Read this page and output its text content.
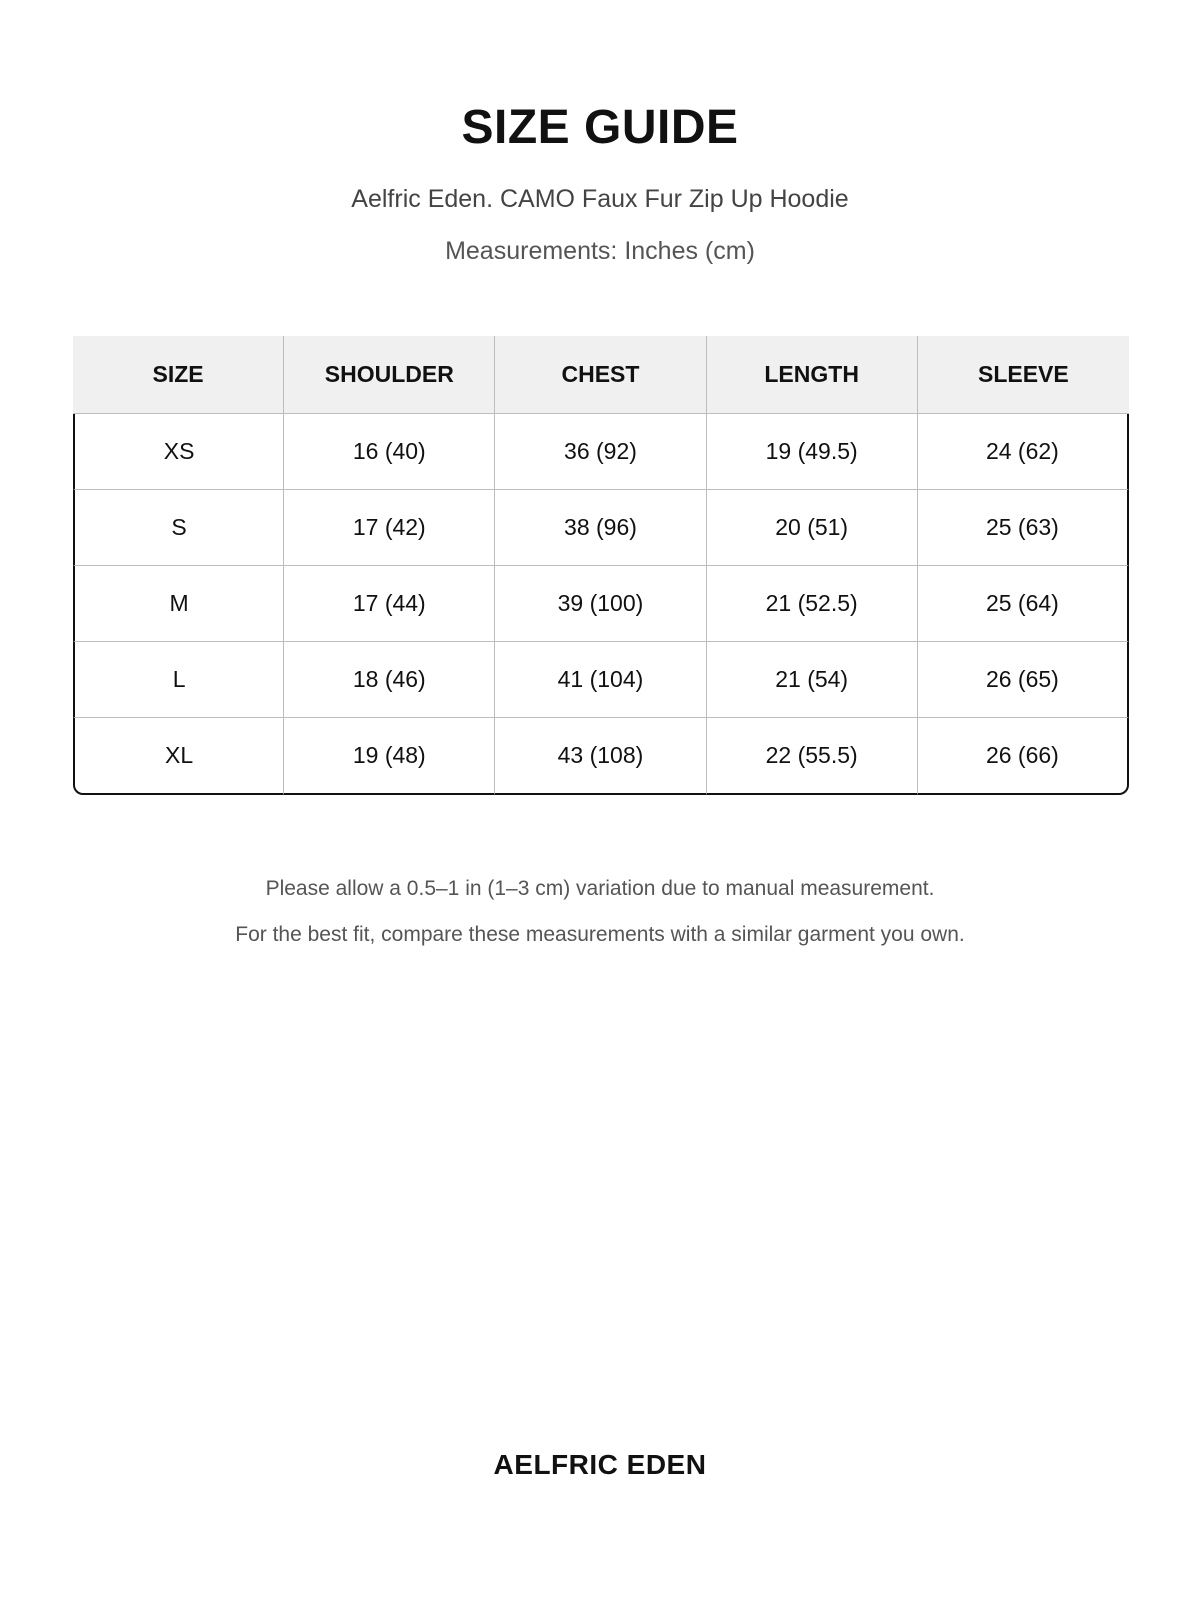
SIZE GUIDE
Aelfric Eden. CAMO Faux Fur Zip Up Hoodie
Measurements: Inches (cm)
SIZE	SHOULDER	CHEST	LENGTH	SLEEVE
XS	16 (40)	36 (92)	19 (49.5)	24 (62)
S	17 (42)	38 (96)	20 (51)	25 (63)
M	17 (44)	39 (100)	21 (52.5)	25 (64)
L	18 (46)	41 (104)	21 (54)	26 (65)
XL	19 (48)	43 (108)	22 (55.5)	26 (66)
Please allow a 0.5–1 in (1–3 cm) variation due to manual measurement.
For the best fit, compare these measurements with a similar garment you own.
AELFRIC EDEN
